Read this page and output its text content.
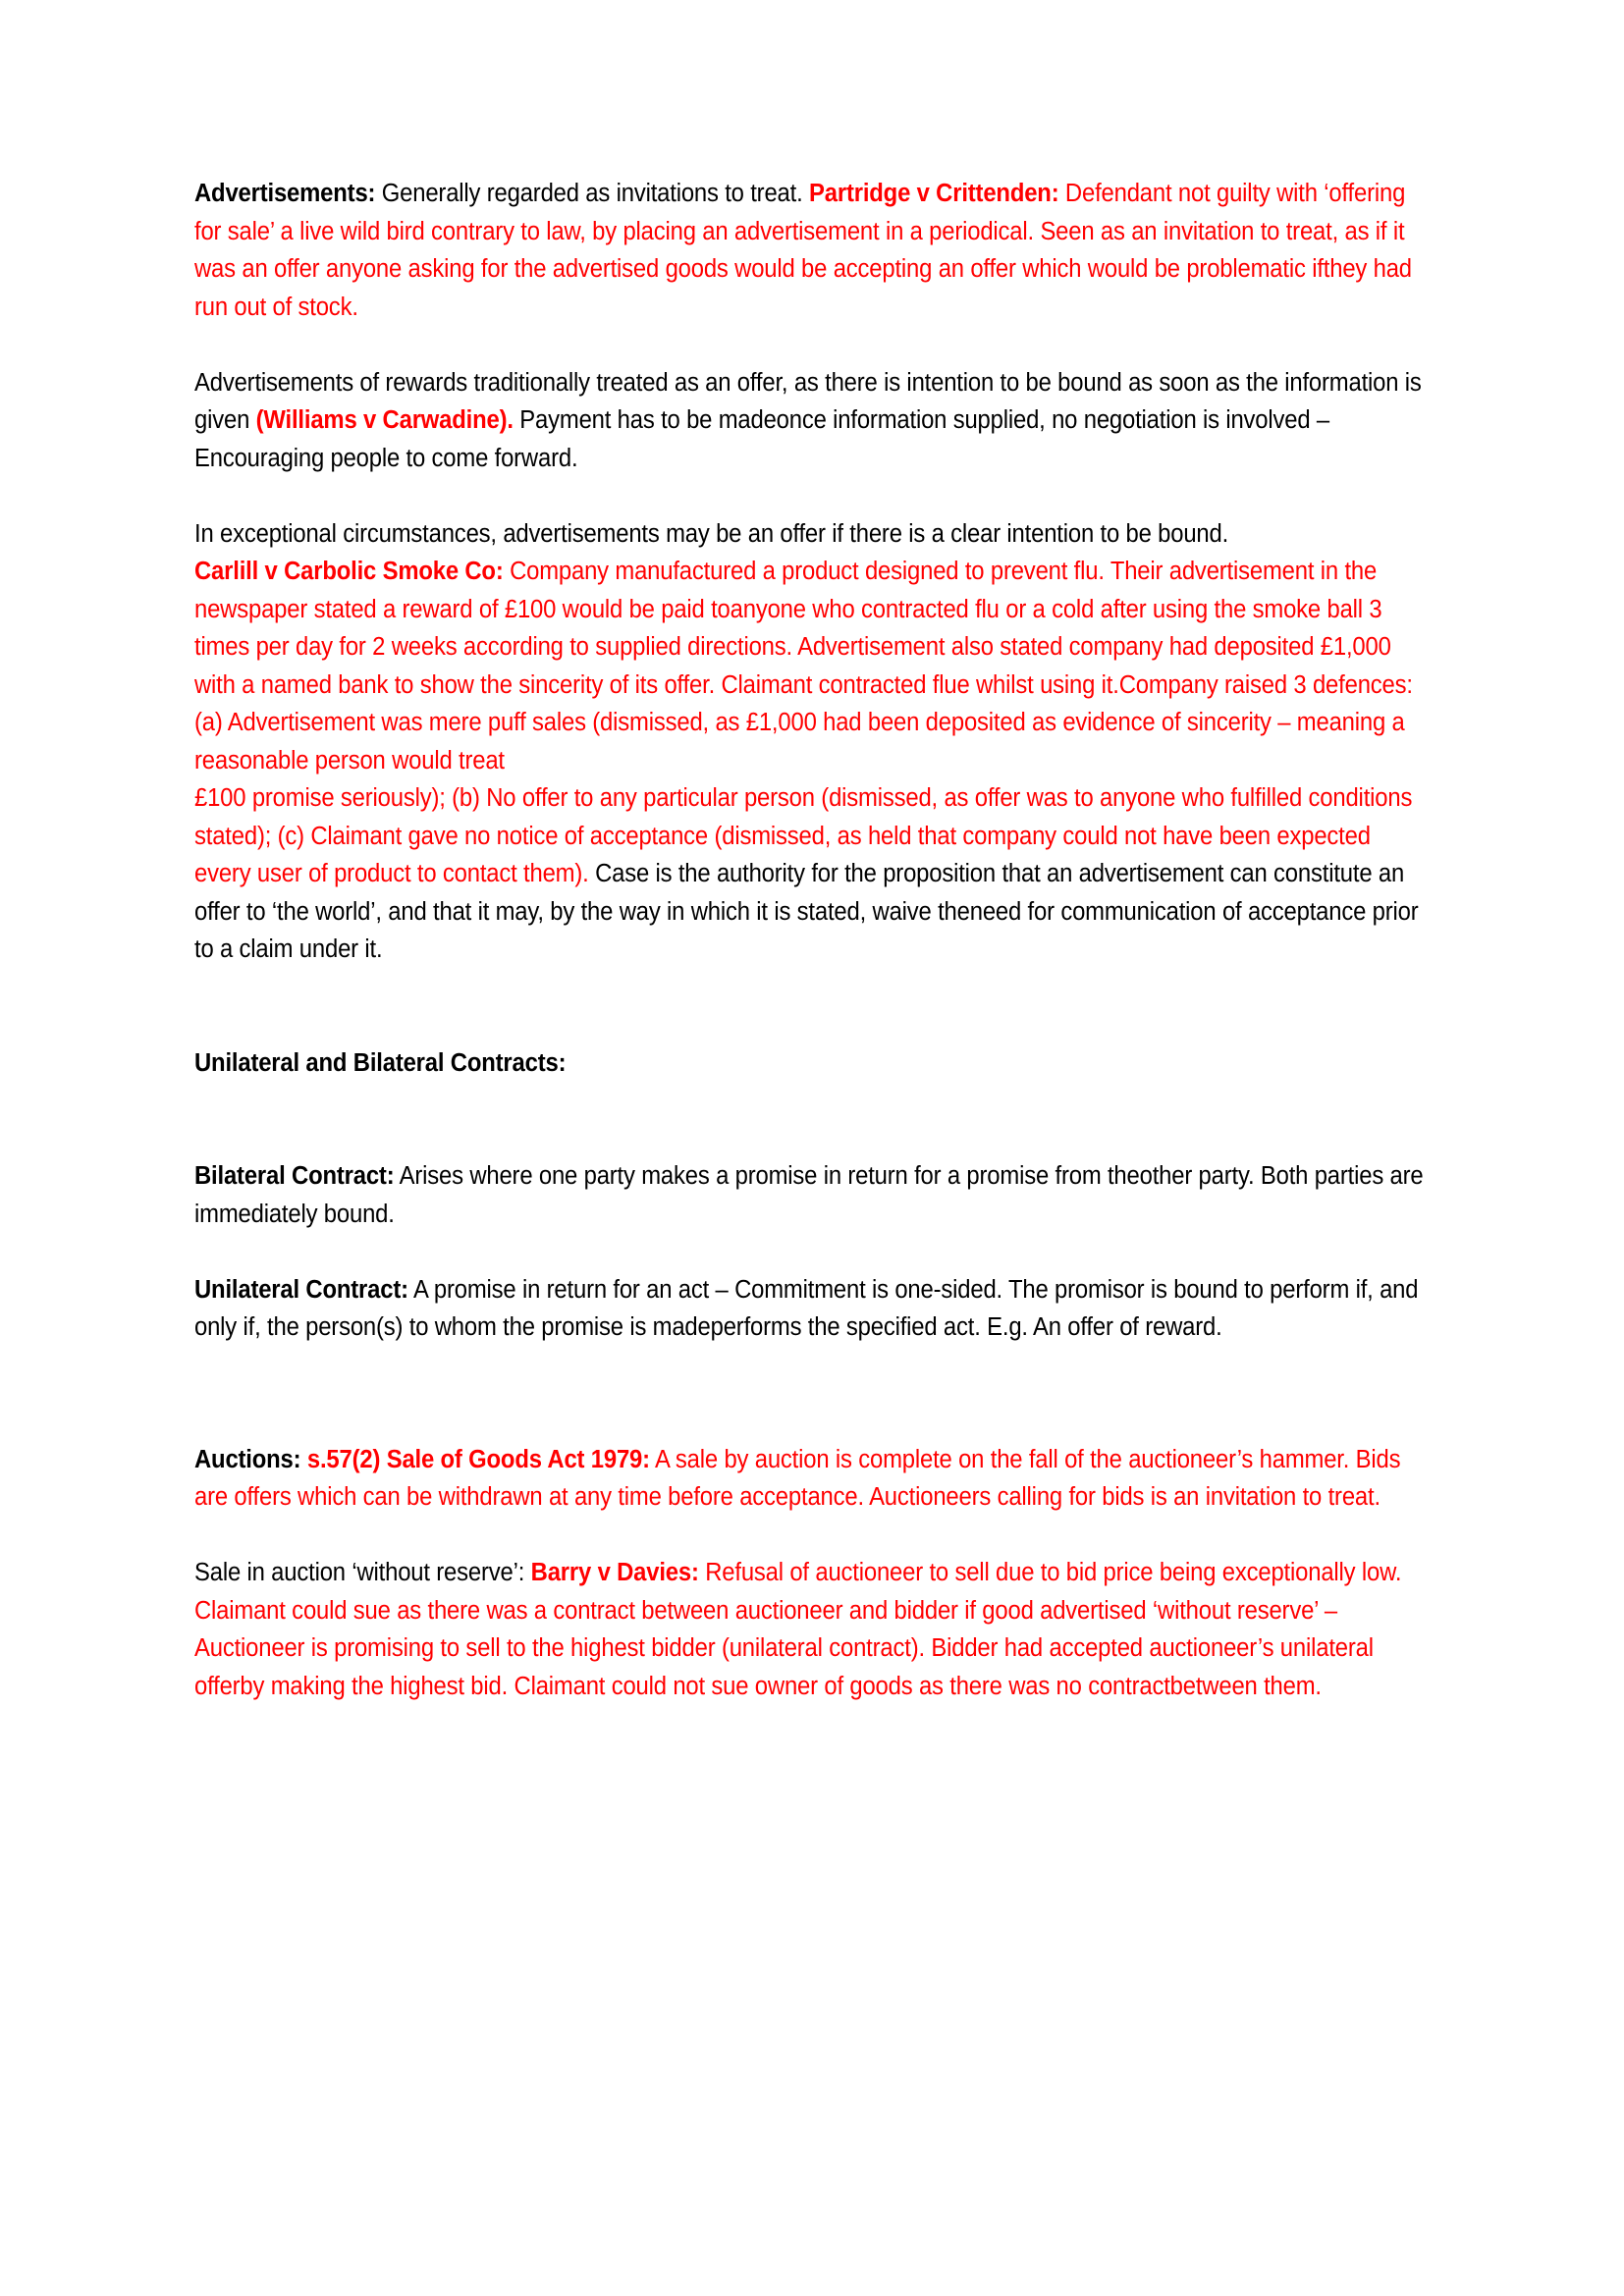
Advertisements: Generally regarded as invitations to treat. Partridge v Crittenden: Defendant not guilty with ‘offering for sale’ a live wild bird contrary to law, by placing an advertisement in a periodical. Seen as an invitation to treat, as if it was an offer anyone asking for the advertised goods would be accepting an offer which would be problematic ifthey had run out of stock.

Advertisements of rewards traditionally treated as an offer, as there is intention to be bound as soon as the information is given (Williams v Carwadine). Payment has to be madeonce information supplied, no negotiation is involved – Encouraging people to come forward.

In exceptional circumstances, advertisements may be an offer if there is a clear intention to be bound.
Carlill v Carbolic Smoke Co: Company manufactured a product designed to prevent flu. Their advertisement in the newspaper stated a reward of £100 would be paid toanyone who contracted flu or a cold after using the smoke ball 3 times per day for 2 weeks according to supplied directions. Advertisement also stated company had deposited £1,000 with a named bank to show the sincerity of its offer. Claimant contracted flue whilst using it.Company raised 3 defences: (a) Advertisement was mere puff sales (dismissed, as £1,000 had been deposited as evidence of sincerity – meaning a reasonable person would treat
£100 promise seriously); (b) No offer to any particular person (dismissed, as offer was to anyone who fulfilled conditions stated); (c) Claimant gave no notice of acceptance (dismissed, as held that company could not have been expected every user of product to contact them). Case is the authority for the proposition that an advertisement can constitute an offer to ‘the world’, and that it may, by the way in which it is stated, waive theneed for communication of acceptance prior to a claim under it.

Unilateral and Bilateral Contracts:

Bilateral Contract: Arises where one party makes a promise in return for a promise from theother party. Both parties are immediately bound.

Unilateral Contract: A promise in return for an act – Commitment is one-sided. The promisor is bound to perform if, and only if, the person(s) to whom the promise is madeperforms the specified act. E.g. An offer of reward.

Auctions: s.57(2) Sale of Goods Act 1979: A sale by auction is complete on the fall of the auctioneer’s hammer. Bids are offers which can be withdrawn at any time before acceptance. Auctioneers calling for bids is an invitation to treat.

Sale in auction ‘without reserve’: Barry v Davies: Refusal of auctioneer to sell due to bid price being exceptionally low. Claimant could sue as there was a contract between auctioneer and bidder if good advertised ‘without reserve’ – Auctioneer is promising to sell to the highest bidder (unilateral contract). Bidder had accepted auctioneer’s unilateral offerby making the highest bid. Claimant could not sue owner of goods as there was no contractbetween them.
